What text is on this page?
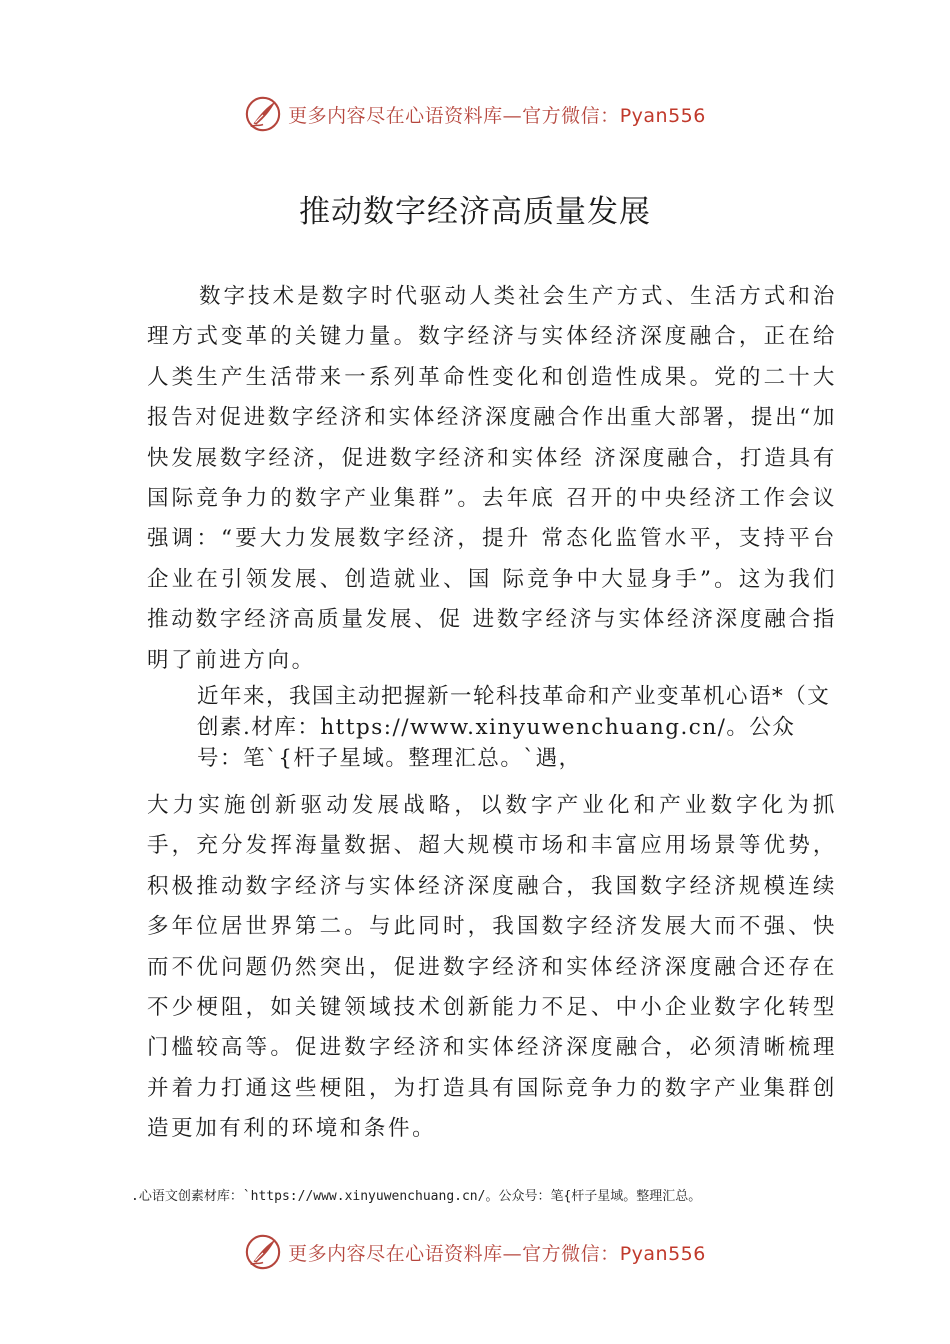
更多内容尽在心语资料库—官方微信：Pyan556
推动数字经济高质量发展

数字技术是数字时代驱动人类社会生产方式、生活方式和治理方式变革的关键力量。数字经济与实体经济深度融合，正在给人类生产生活带来一系列革命性变化和创造性成果。党的二十大报告对促进数字经济和实体经济深度融合作出重大部署，提出“加快发展数字经济，促进数字经济和实体经 济深度融合，打造具有国际竞争力的数字产业集群”。去年底 召开的中央经济工作会议强调：“要大力发展数字经济，提升 常态化监管水平，支持平台企业在引领发展、创造就业、国 际竞争中大显身手”。这为我们推动数字经济高质量发展、促 进数字经济与实体经济深度融合指明了前进方向。

近年来，我国主动把握新一轮科技革命和产业变革机心语*（文创素.材库：https://www.xinyuwenchuang.cn/。公众号：笔`{杆子星域。整理汇总。`遇，

大力实施创新驱动发展战略，以数字产业化和产业数字化为抓手，充分发挥海量数据、超大规模市场和丰富应用场景等优势，积极推动数字经济与实体经济深度融合，我国数字经济规模连续多年位居世界第二。与此同时，我国数字经济发展大而不强、快而不优问题仍然突出，促进数字经济和实体经济深度融合还存在不少梗阻，如关键领域技术创新能力不足、中小企业数字化转型门槛较高等。促进数字经济和实体经济深度融合，必须清晰梳理并着力打通这些梗阻，为打造具有国际竞争力的数字产业集群创造更加有利的环境和条件。

.心语文创素材库：`https://www.xinyuwenchuang.cn/。公众号：笔{杆子星域。整理汇总。

更多内容尽在心语资料库—官方微信：Pyan556
